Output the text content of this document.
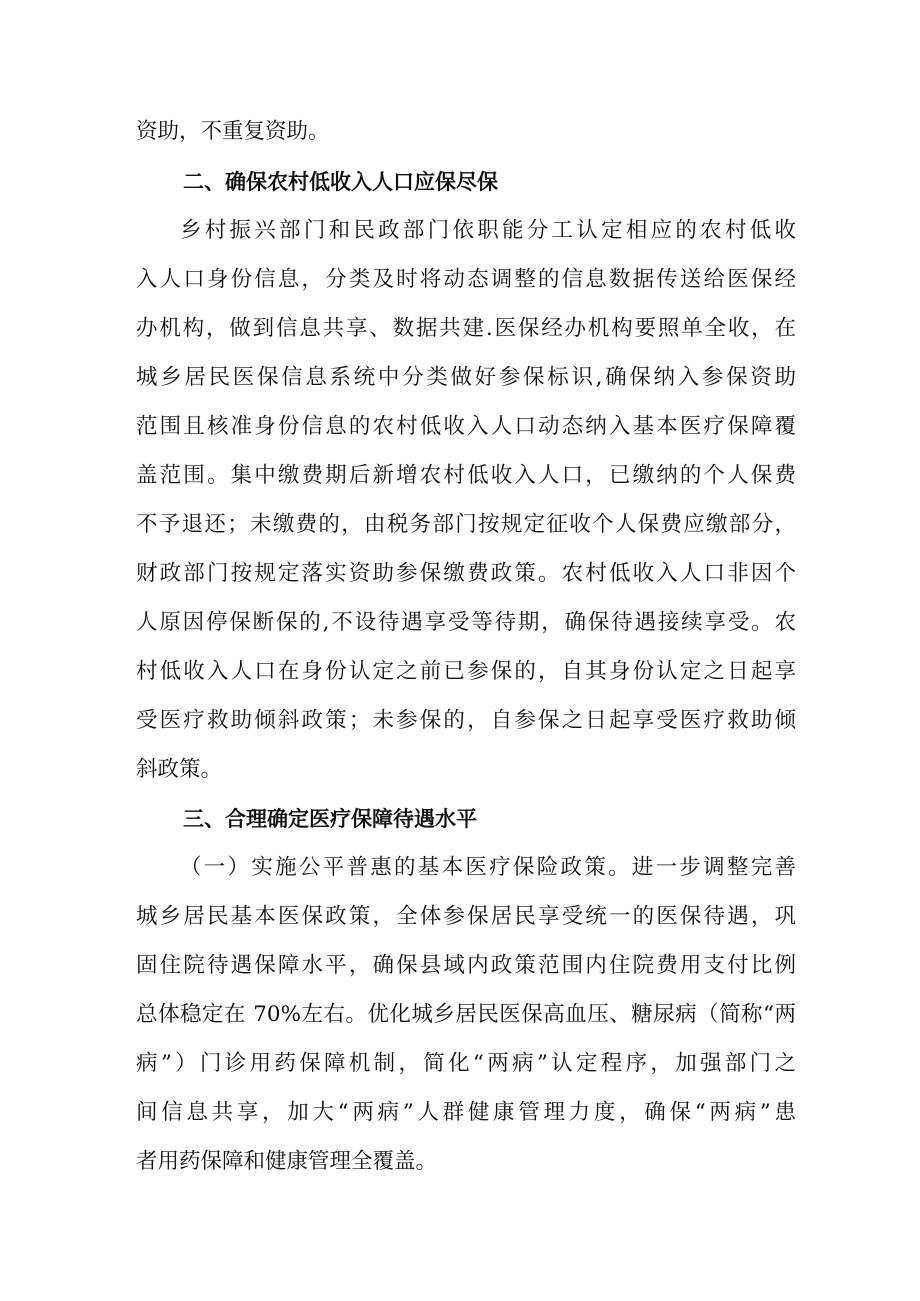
资助，不重复资助。
二、确保农村低收入人口应保尽保
乡村振兴部门和民政部门依职能分工认定相应的农村低收
入人口身份信息，分类及时将动态调整的信息数据传送给医保经
办机构，做到信息共享、数据共建.医保经办机构要照单全收，在
城乡居民医保信息系统中分类做好参保标识,确保纳入参保资助
范围且核准身份信息的农村低收入人口动态纳入基本医疗保障覆
盖范围。集中缴费期后新增农村低收入人口，已缴纳的个人保费
不予退还；未缴费的，由税务部门按规定征收个人保费应缴部分，
财政部门按规定落实资助参保缴费政策。农村低收入人口非因个
人原因停保断保的,不设待遇享受等待期，确保待遇接续享受。农
村低收入人口在身份认定之前已参保的，自其身份认定之日起享
受医疗救助倾斜政策；未参保的，自参保之日起享受医疗救助倾
斜政策。
三、合理确定医疗保障待遇水平
（一）实施公平普惠的基本医疗保险政策。进一步调整完善
城乡居民基本医保政策，全体参保居民享受统一的医保待遇，巩
固住院待遇保障水平，确保县域内政策范围内住院费用支付比例
总体稳定在 70%左右。优化城乡居民医保高血压、糖尿病（简称“两
病”）门诊用药保障机制，简化“两病”认定程序，加强部门之
间信息共享，加大“两病”人群健康管理力度，确保“两病”患
者用药保障和健康管理全覆盖。
